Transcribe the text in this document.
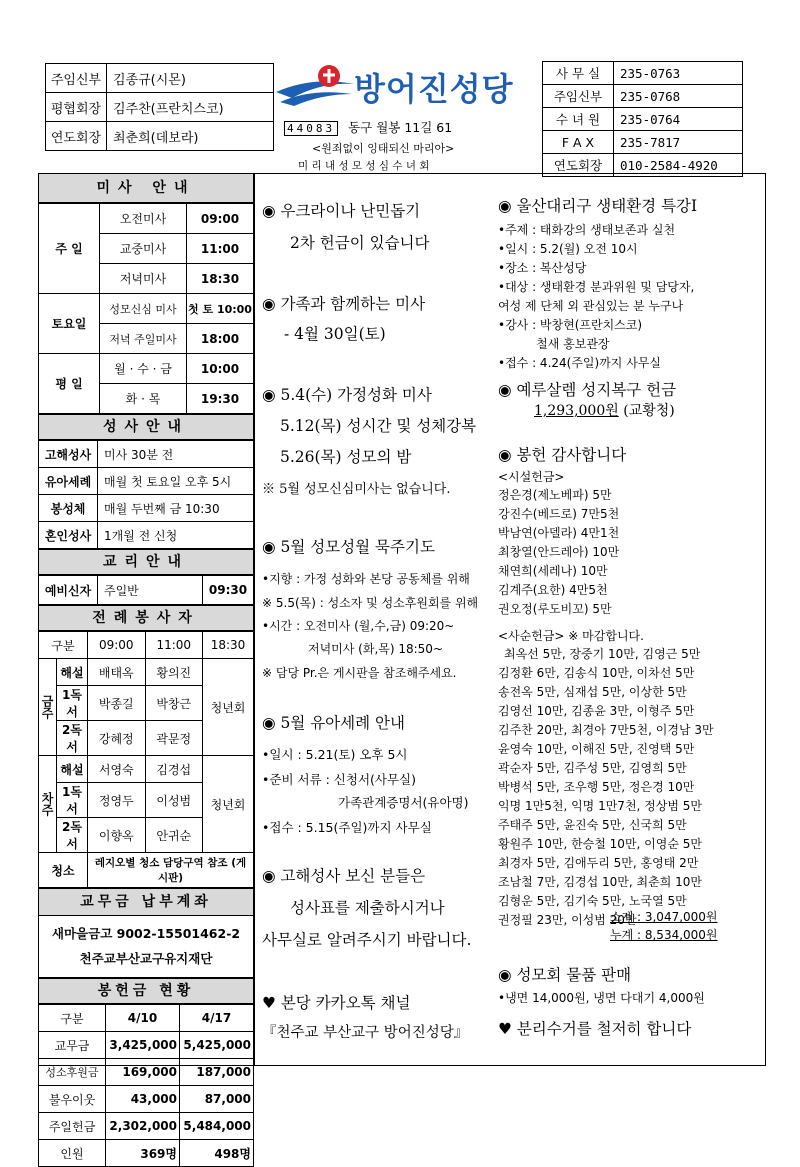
주임신부	김종규(시몬)
평협회장	김주찬(프란치스코)
연도회장	최춘희(데보라)
방어진성당
44083 동구 월봉 11길 61
<원죄없이 잉태되신 마리아>
미 리 내 성 모 성 심 수 녀 회
사 무 실	235-0763
주임신부	235-0768
수 녀 원	235-0764
F A X	235-7817
연도회장	010-2584-4920
미사 안내
주 일	오전미사	09:00
	교중미사	11:00
	저녁미사	18:30
토요일	성모신심 미사	첫 토 10:00
	저녁 주일미사	18:00
평 일	월 · 수 · 금	10:00
	화 · 목	19:30
성사안내
고해성사	미사 30분 전
유아세례	매월 첫 토요일 오후 5시
봉성체	매월 두번째 금 10:30
혼인성사	1개월 전 신청
교리안내
예비신자	주일반	09:30
전례봉사자
구분		09:00	11:00	18:30
금주	해설	배태옥	황의진	청년회
	1독서	박종길	박창근	
	2독서	강혜정	곽문정	
차주	해설	서영숙	김경섭	청년회
	1독서	정영두	이성범	
	2독서	이향옥	안귀순	
청소		레지오별 청소 담당구역 참조 (게시판)		
교무금 납부계좌
새마을금고 9002-15501462-2
천주교부산교구유지재단
봉헌금 현황
구분	4/10	4/17
교무금	3,425,000	5,425,000
성소후원금	169,000	187,000
불우이웃	43,000	87,000
주일헌금	2,302,000	5,484,000
인원	369명	498명
◉ 우크라이나 난민돕기
2차 헌금이 있습니다
◉ 가족과 함께하는 미사
- 4월 30일(토)
◉ 5.4(수) 가정성화 미사
5.12(목) 성시간 및 성체강복
5.26(목) 성모의 밤
※ 5월 성모신심미사는 없습니다.
◉ 5월 성모성월 묵주기도
•지향 : 가정 성화와 본당 공동체를 위해
※ 5.5(목) : 성소자 및 성소후원회를 위해
•시간 : 오전미사 (월,수,금) 09:20~
저녁미사 (화,목) 18:50~
※ 담당 Pr.은 게시판을 참조해주세요.
◉ 5월 유아세례 안내
•일시 : 5.21(토) 오후 5시
•준비 서류 : 신청서(사무실)
가족관계증명서(유아명)
•접수 : 5.15(주일)까지 사무실
◉ 고해성사 보신 분들은
성사표를 제출하시거나
사무실로 알려주시기 바랍니다.
♥ 본당 카카오톡 채널
『천주교 부산교구 방어진성당』
◉ 울산대리구 생태환경 특강Ⅰ
•주제 : 태화강의 생태보존과 실천
•일시 : 5.2(월) 오전 10시
•장소 : 복산성당
•대상 : 생태환경 분과위원 및 담당자,
여성 제 단체 외 관심있는 분 누구나
•강사 : 박창현(프란치스코)
철새 홍보관장
•접수 : 4.24(주일)까지 사무실
◉ 예루살렘 성지복구 헌금
1,293,000원 (교황청)
◉ 봉헌 감사합니다
<시설헌금>
정은경(제노베파) 5만
강진수(베드로) 7만5천
박남연(아델라) 4만1천
최창열(안드레아) 10만
채연희(세레나) 10만
김계주(요한) 4만5천
권오정(루도비꼬) 5만
<사순헌금> ※ 마감합니다.
최옥선 5만, 장중기 10만, 김영근 5만
김정환 6만, 김송식 10만, 이차선 5만
송전옥 5만, 심재섭 5만, 이상한 5만
김영선 10만, 김종윤 3만, 이형주 5만
김주찬 20만, 최경아 7만5천, 이경남 3만
윤영숙 10만, 이해진 5만, 진영택 5만
곽순자 5만, 김주성 5만, 김영희 5만
박병석 5만, 조우행 5만, 정은경 10만
익명 1만5천, 익명 1만7천, 정상범 5만
주태주 5만, 윤진숙 5만, 신국희 5만
황원주 10만, 한승철 10만, 이영순 5만
최경자 5만, 김애두리 5만, 홍영태 2만
조남철 7만, 김경섭 10만, 최춘희 10만
김형운 5만, 김기숙 5만, 노국열 5만
권정필 23만, 이성범 20만
소계 : 3,047,000원
누계 : 8,534,000원
◉ 성모회 물품 판매
•냉면 14,000원, 냉면 다대기 4,000원
♥ 분리수거를 철저히 합니다
